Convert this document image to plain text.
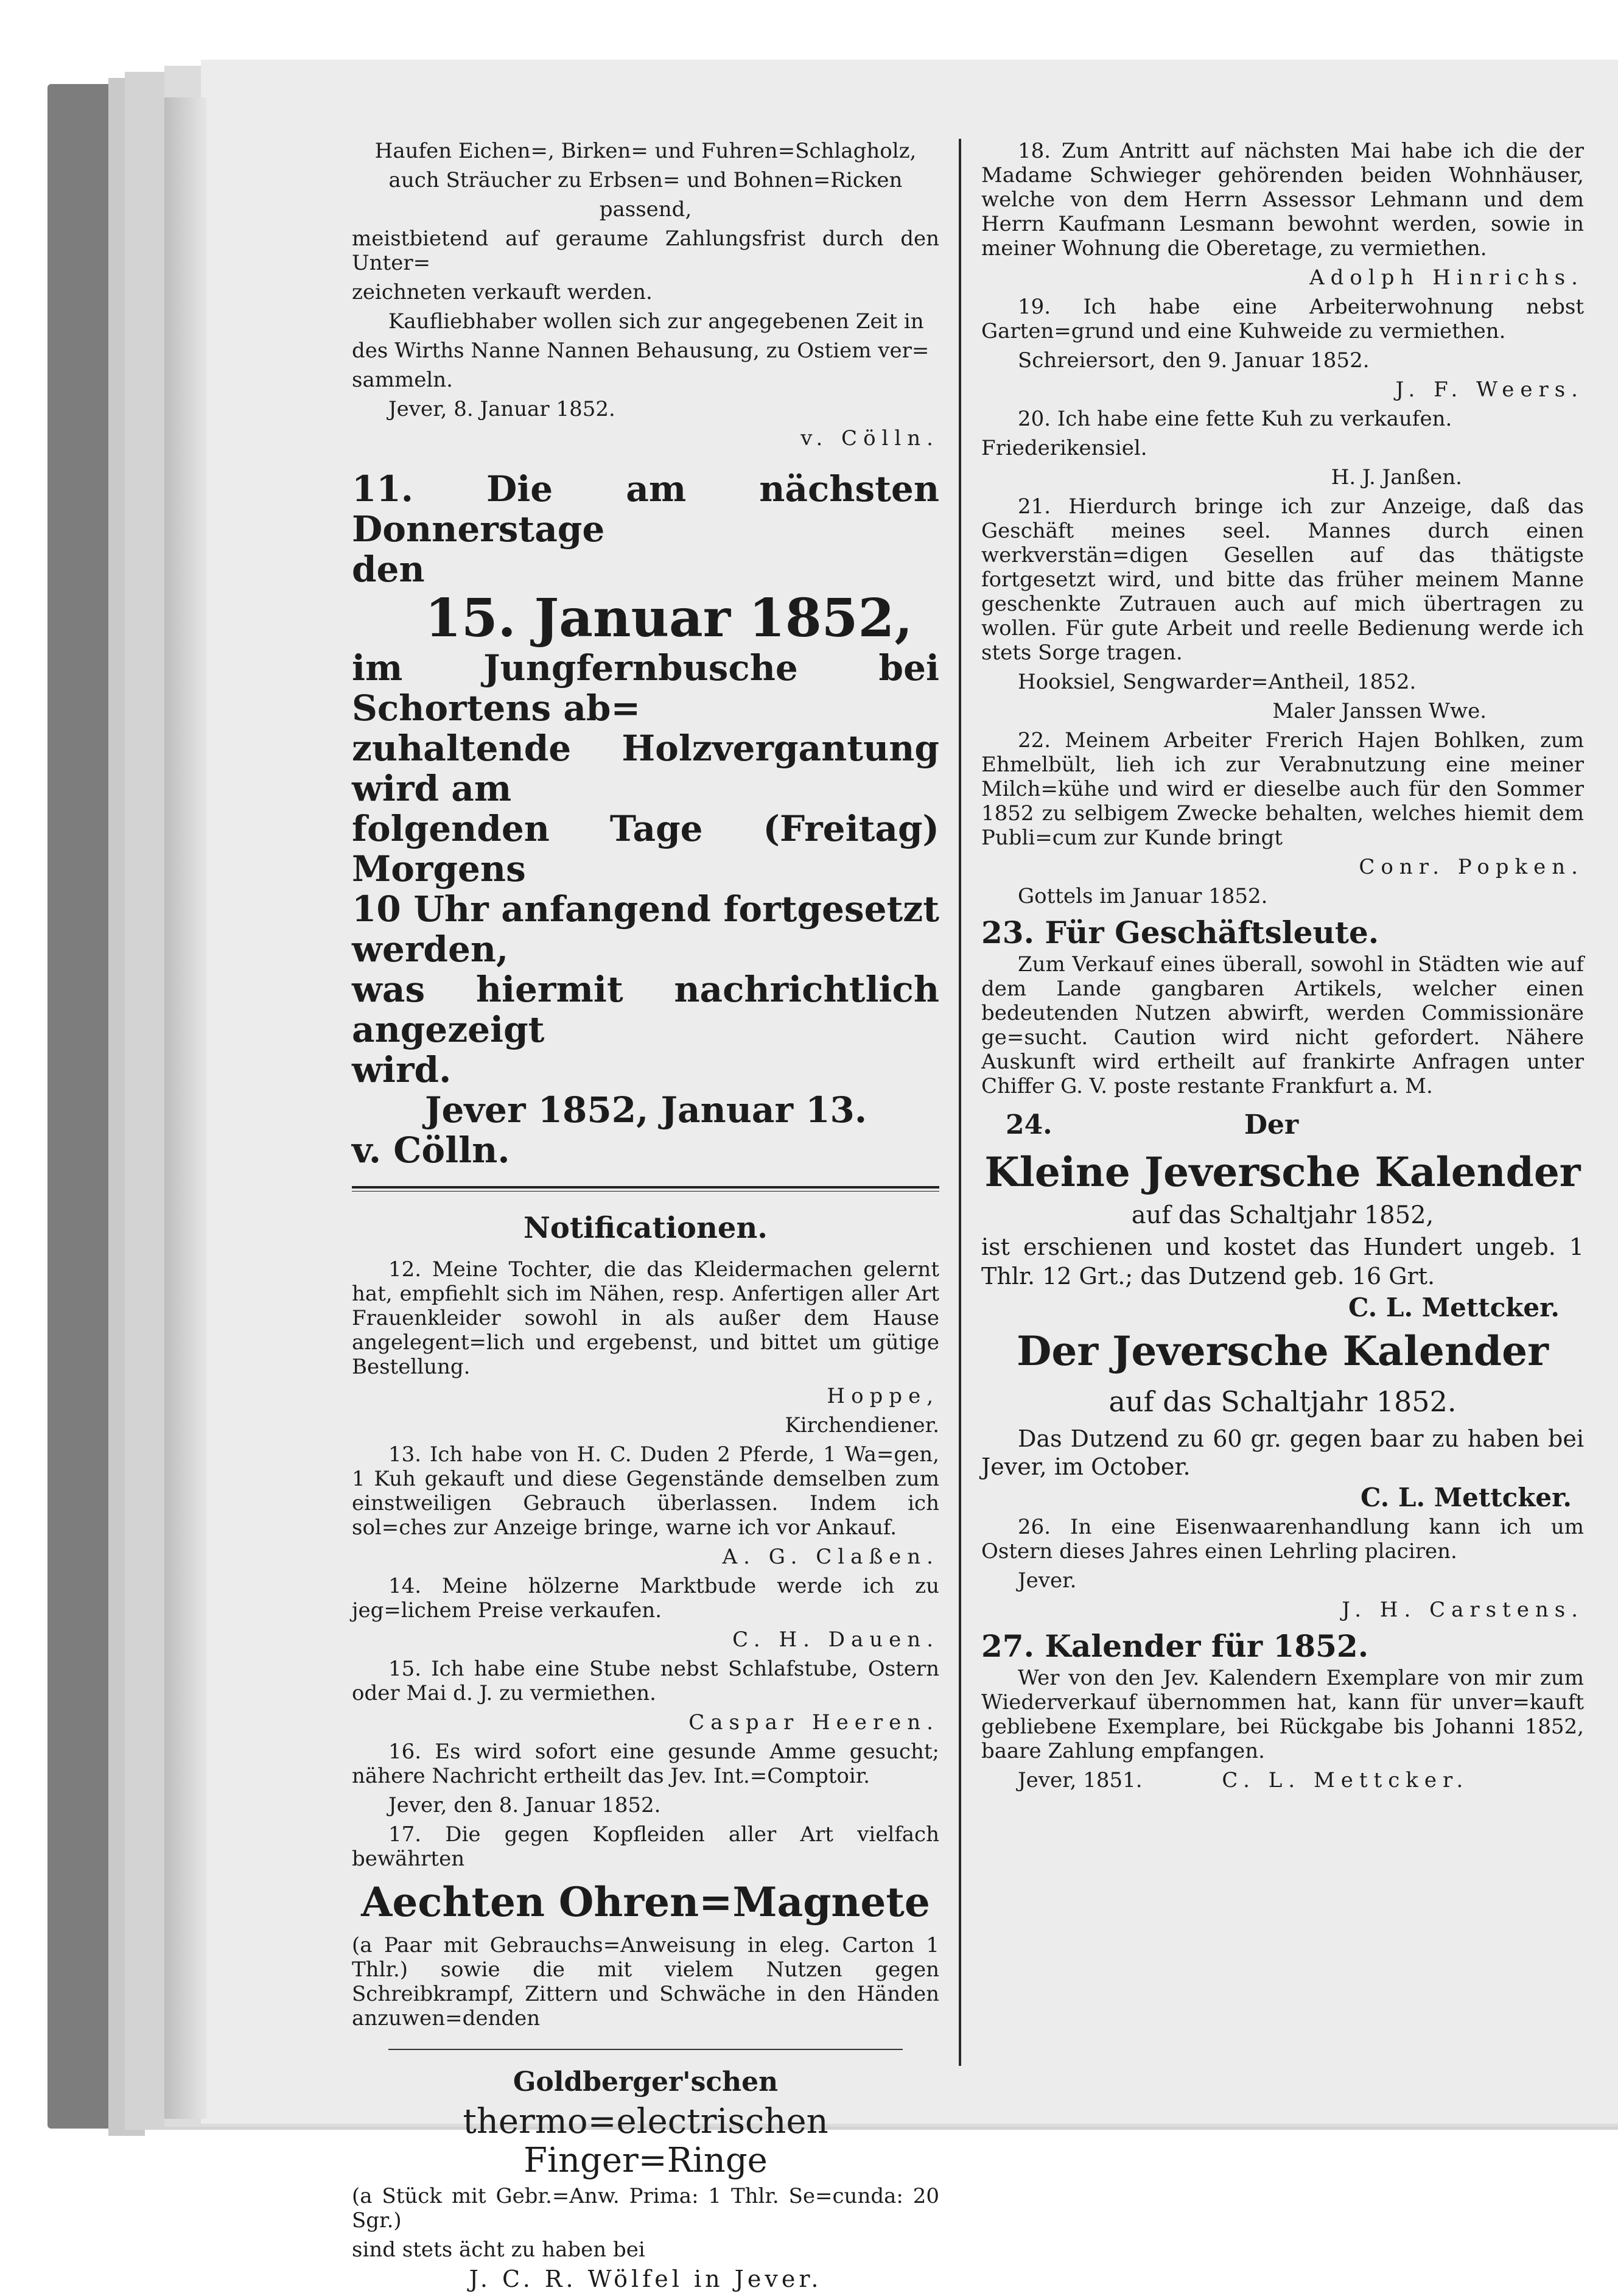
Haufen Eichen=, Birken= und Fuhren=Schlagholz,

auch Sträucher zu Erbsen= und Bohnen=Ricken

passend,

meistbietend auf geraume Zahlungsfrist durch den Unter=

zeichneten verkauft werden.

Kaufliebhaber wollen sich zur angegebenen Zeit in

des Wirths Nanne Nannen Behausung, zu Ostiem ver=

sammeln.

Jever, 8. Januar 1852.

v. Cölln.

11. Die am nächsten Donnerstage

den

15. Januar 1852,

im Jungfernbusche bei Schortens ab=

zuhaltende Holzvergantung wird am

folgenden Tage (Freitag) Morgens

10 Uhr anfangend fortgesetzt werden,

was hiermit nachrichtlich angezeigt

wird.

Jever 1852, Januar 13.

v. Cölln.

Notificationen.

12. Meine Tochter, die das Kleidermachen gelernt hat, empfiehlt sich im Nähen, resp. Anfertigen aller Art Frauenkleider sowohl in als außer dem Hause angelegent=lich und ergebenst, und bittet um gütige Bestellung.

Hoppe,

Kirchendiener.

13. Ich habe von H. C. Duden 2 Pferde, 1 Wa=gen, 1 Kuh gekauft und diese Gegenstände demselben zum einstweiligen Gebrauch überlassen. Indem ich sol=ches zur Anzeige bringe, warne ich vor Ankauf.

A. G. Claßen.

14. Meine hölzerne Marktbude werde ich zu jeg=lichem Preise verkaufen.

C. H. Dauen.

15. Ich habe eine Stube nebst Schlafstube, Ostern oder Mai d. J. zu vermiethen.

Caspar Heeren.

16. Es wird sofort eine gesunde Amme gesucht; nähere Nachricht ertheilt das Jev. Int.=Comptoir.

Jever, den 8. Januar 1852.

17. Die gegen Kopfleiden aller Art vielfach bewährten

Aechten Ohren=Magnete

(a Paar mit Gebrauchs=Anweisung in eleg. Carton 1 Thlr.) sowie die mit vielem Nutzen gegen Schreibkrampf, Zittern und Schwäche in den Händen anzuwen=denden

Goldberger'schen

thermo=electrischen Finger=Ringe

(a Stück mit Gebr.=Anw. Prima: 1 Thlr. Se=cunda: 20 Sgr.)

sind stets ächt zu haben bei

J. C. R. Wölfel in Jever.

18. Zum Antritt auf nächsten Mai habe ich die der Madame Schwieger gehörenden beiden Wohnhäuser, welche von dem Herrn Assessor Lehmann und dem Herrn Kaufmann Lesmann bewohnt werden, sowie in meiner Wohnung die Oberetage, zu vermiethen.

Adolph Hinrichs.

19. Ich habe eine Arbeiterwohnung nebst Garten=grund und eine Kuhweide zu vermiethen.

Schreiersort, den 9. Januar 1852.

J. F. Weers.

20. Ich habe eine fette Kuh zu verkaufen.

Friederikensiel.

H. J. Janßen.

21. Hierdurch bringe ich zur Anzeige, daß das Geschäft meines seel. Mannes durch einen werkverstän=digen Gesellen auf das thätigste fortgesetzt wird, und bitte das früher meinem Manne geschenkte Zutrauen auch auf mich übertragen zu wollen. Für gute Arbeit und reelle Bedienung werde ich stets Sorge tragen.

Hooksiel, Sengwarder=Antheil, 1852.

Maler Janssen Wwe.

22. Meinem Arbeiter Frerich Hajen Bohlken, zum Ehmelbült, lieh ich zur Verabnutzung eine meiner Milch=kühe und wird er dieselbe auch für den Sommer 1852 zu selbigem Zwecke behalten, welches hiemit dem Publi=cum zur Kunde bringt

Conr. Popken.

Gottels im Januar 1852.

23. Für Geschäftsleute.

Zum Verkauf eines überall, sowohl in Städten wie auf dem Lande gangbaren Artikels, welcher einen bedeutenden Nutzen abwirft, werden Commissionäre ge=sucht. Caution wird nicht gefordert. Nähere Auskunft wird ertheilt auf frankirte Anfragen unter Chiffer G. V. poste restante Frankfurt a. M.

24.	Der

Kleine Jeversche Kalender

auf das Schaltjahr 1852,

ist erschienen und kostet das Hundert ungeb. 1 Thlr. 12 Grt.; das Dutzend geb. 16 Grt.

C. L. Mettcker.

Der Jeversche Kalender

auf das Schaltjahr 1852.

Das Dutzend zu 60 gr. gegen baar zu haben bei Jever, im October.

C. L. Mettcker.

26. In eine Eisenwaarenhandlung kann ich um Ostern dieses Jahres einen Lehrling placiren.

Jever.

J. H. Carstens.

27. Kalender für 1852.

Wer von den Jev. Kalendern Exemplare von mir zum Wiederverkauf übernommen hat, kann für unver=kauft gebliebene Exemplare, bei Rückgabe bis Johanni 1852, baare Zahlung empfangen.

Jever, 1851.	C. L. Mettcker.
